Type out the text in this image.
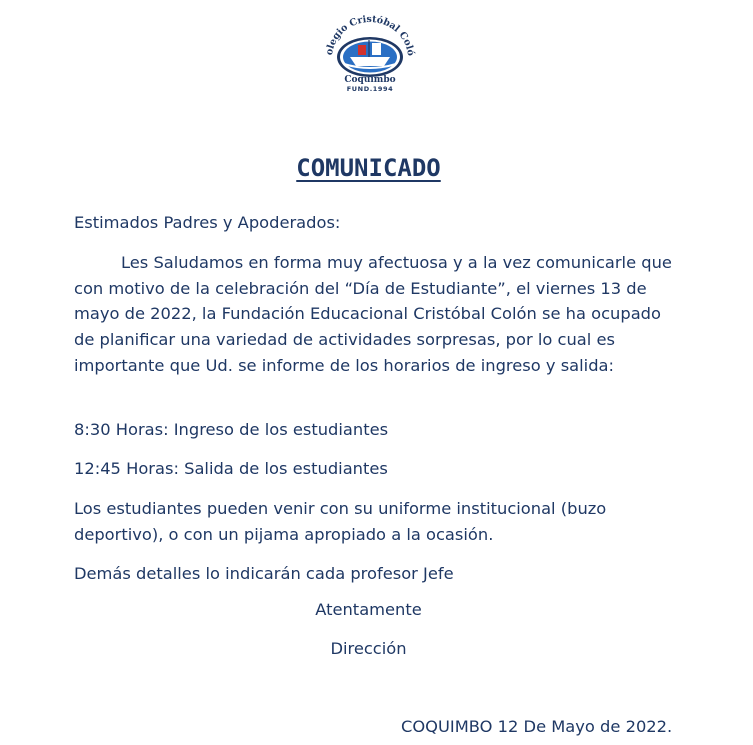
olegio Cristóbal Coló
Coquimbo
FUND.1994
COMUNICADO

Estimados Padres y Apoderados:

Les Saludamos en forma muy afectuosa y a la vez comunicarle que con motivo de la celebración del “Día de Estudiante”, el viernes 13 de mayo de 2022, la Fundación Educacional Cristóbal Colón se ha ocupado de planificar una variedad de actividades sorpresas, por lo cual es importante que Ud. se informe de los horarios de ingreso y salida:

8:30 Horas: Ingreso de los estudiantes

12:45 Horas: Salida de los estudiantes

Los estudiantes pueden venir con su uniforme institucional (buzo deportivo), o con un pijama apropiado a la ocasión.

Demás detalles lo indicarán cada profesor Jefe

Atentamente
Dirección
COQUIMBO 12 De Mayo de 2022.
